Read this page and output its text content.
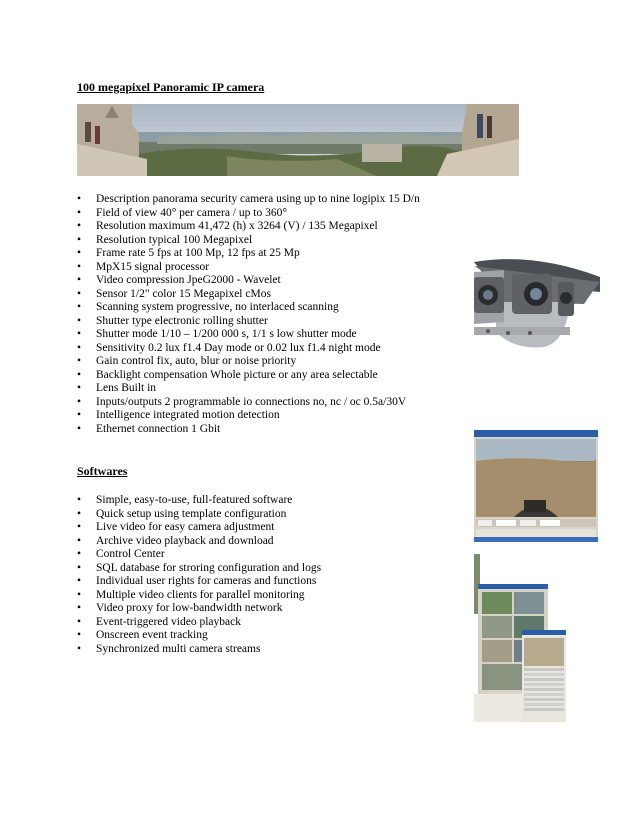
100 megapixel Panoramic IP camera
• Description panorama security camera using up to nine logipix 15 D/n
• Field of view 40° per camera / up to 360°
• Resolution maximum 41,472 (h) x 3264 (V) / 135 Megapixel
• Resolution typical 100 Megapixel
• Frame rate 5 fps at 100 Mp, 12 fps at 25 Mp
• MpX15 signal processor
• Video compression JpeG2000 - Wavelet
• Sensor 1/2" color 15 Megapixel cMos
• Scanning system progressive, no interlaced scanning
• Shutter type electronic rolling shutter
• Shutter mode 1/10 – 1/200 000 s, 1/1 s low shutter mode
• Sensitivity 0.2 lux f1.4 Day mode or 0.02 lux f1.4 night mode
• Gain control fix, auto, blur or noise priority
• Backlight compensation Whole picture or any area selectable
• Lens Built in
• Inputs/outputs 2 programmable io connections no, nc / oc 0.5a/30V
• Intelligence integrated motion detection
• Ethernet connection 1 Gbit
Softwares
• Simple, easy-to-use, full-featured software
• Quick setup using template configuration
• Live video for easy camera adjustment
• Archive video playback and download
• Control Center
• SQL database for stroring configuration and logs
• Individual user rights for cameras and functions
• Multiple video clients for parallel monitoring
• Video proxy for low-bandwidth network
• Event-triggered video playback
• Onscreen event tracking
• Synchronized multi camera streams
